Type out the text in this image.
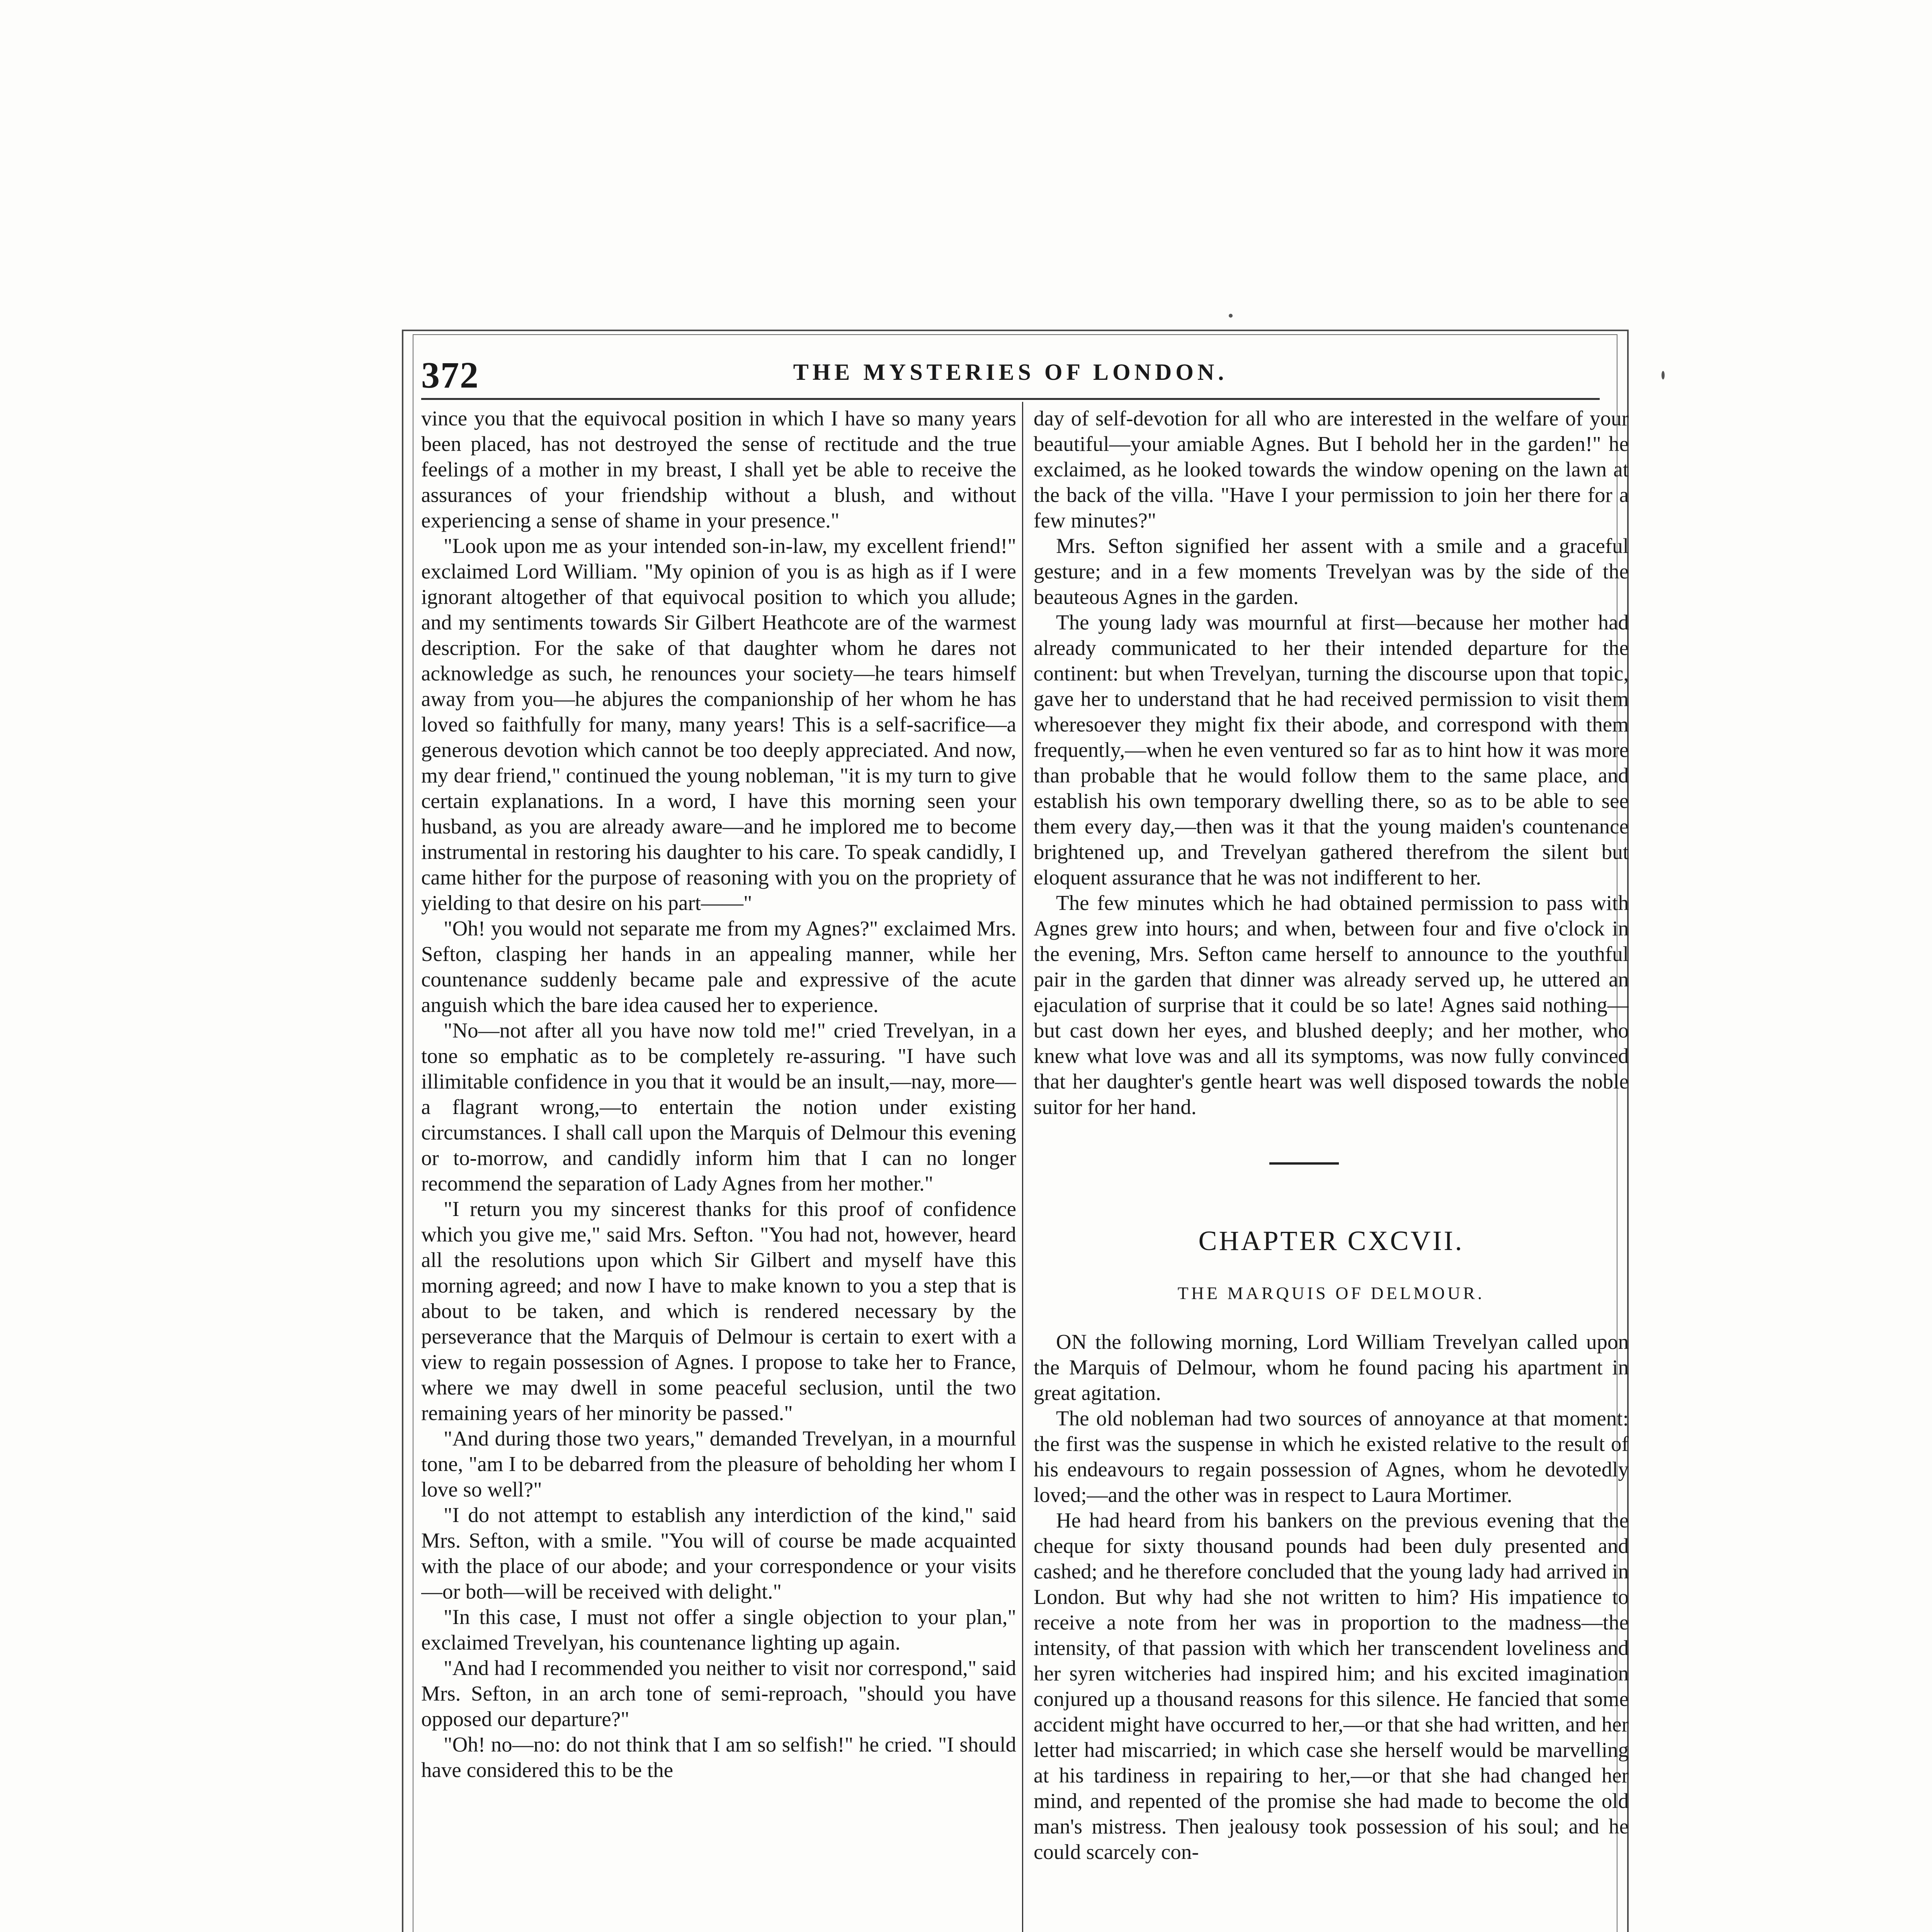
372	THE MYSTERIES OF LONDON.

vince you that the equivocal position in which I have so many years been placed, has not destroyed the sense of rectitude and the true feelings of a mother in my breast, I shall yet be able to receive the assurances of your friendship without a blush, and without experiencing a sense of shame in your presence."

"Look upon me as your intended son-in-law, my excellent friend!" exclaimed Lord William. "My opinion of you is as high as if I were ignorant altogether of that equivocal position to which you allude; and my sentiments towards Sir Gilbert Heathcote are of the warmest description. For the sake of that daughter whom he dares not acknowledge as such, he renounces your society—he tears himself away from you—he abjures the companionship of her whom he has loved so faithfully for many, many years! This is a self-sacrifice—a generous devotion which cannot be too deeply appreciated. And now, my dear friend," continued the young nobleman, "it is my turn to give certain explanations. In a word, I have this morning seen your husband, as you are already aware—and he implored me to become instrumental in restoring his daughter to his care. To speak candidly, I came hither for the purpose of reasoning with you on the propriety of yielding to that desire on his part——"

"Oh! you would not separate me from my Agnes?" exclaimed Mrs. Sefton, clasping her hands in an appealing manner, while her countenance suddenly became pale and expressive of the acute anguish which the bare idea caused her to experience.

"No—not after all you have now told me!" cried Trevelyan, in a tone so emphatic as to be completely re-assuring. "I have such illimitable confidence in you that it would be an insult,—nay, more—a flagrant wrong,—to entertain the notion under existing circumstances. I shall call upon the Marquis of Delmour this evening or to-morrow, and candidly inform him that I can no longer recommend the separation of Lady Agnes from her mother."

"I return you my sincerest thanks for this proof of confidence which you give me," said Mrs. Sefton. "You had not, however, heard all the resolutions upon which Sir Gilbert and myself have this morning agreed; and now I have to make known to you a step that is about to be taken, and which is rendered necessary by the perseverance that the Marquis of Delmour is certain to exert with a view to regain possession of Agnes. I propose to take her to France, where we may dwell in some peaceful seclusion, until the two remaining years of her minority be passed."

"And during those two years," demanded Trevelyan, in a mournful tone, "am I to be debarred from the pleasure of beholding her whom I love so well?"

"I do not attempt to establish any interdiction of the kind," said Mrs. Sefton, with a smile. "You will of course be made acquainted with the place of our abode; and your correspondence or your visits —or both—will be received with delight."

"In this case, I must not offer a single objection to your plan," exclaimed Trevelyan, his countenance lighting up again.

"And had I recommended you neither to visit nor correspond," said Mrs. Sefton, in an arch tone of semi-reproach, "should you have opposed our departure?"

"Oh! no—no: do not think that I am so selfish!" he cried. "I should have considered this to be the

day of self-devotion for all who are interested in the welfare of your beautiful—your amiable Agnes. But I behold her in the garden!" he exclaimed, as he looked towards the window opening on the lawn at the back of the villa. "Have I your permission to join her there for a few minutes?"

Mrs. Sefton signified her assent with a smile and a graceful gesture; and in a few moments Trevelyan was by the side of the beauteous Agnes in the garden.

The young lady was mournful at first—because her mother had already communicated to her their intended departure for the continent: but when Trevelyan, turning the discourse upon that topic, gave her to understand that he had received permission to visit them wheresoever they might fix their abode, and correspond with them frequently,—when he even ventured so far as to hint how it was more than probable that he would follow them to the same place, and establish his own temporary dwelling there, so as to be able to see them every day,—then was it that the young maiden's countenance brightened up, and Trevelyan gathered therefrom the silent but eloquent assurance that he was not indifferent to her.

The few minutes which he had obtained permission to pass with Agnes grew into hours; and when, between four and five o'clock in the evening, Mrs. Sefton came herself to announce to the youthful pair in the garden that dinner was already served up, he uttered an ejaculation of surprise that it could be so late! Agnes said nothing—but cast down her eyes, and blushed deeply; and her mother, who knew what love was and all its symptoms, was now fully convinced that her daughter's gentle heart was well disposed towards the noble suitor for her hand.

CHAPTER CXCVII.
THE MARQUIS OF DELMOUR.

ON the following morning, Lord William Trevelyan called upon the Marquis of Delmour, whom he found pacing his apartment in great agitation.

The old nobleman had two sources of annoyance at that moment: the first was the suspense in which he existed relative to the result of his endeavours to regain possession of Agnes, whom he devotedly loved;—and the other was in respect to Laura Mortimer.

He had heard from his bankers on the previous evening that the cheque for sixty thousand pounds had been duly presented and cashed; and he therefore concluded that the young lady had arrived in London. But why had she not written to him? His impatience to receive a note from her was in proportion to the madness—the intensity, of that passion with which her transcendent loveliness and her syren witcheries had inspired him; and his excited imagination conjured up a thousand reasons for this silence. He fancied that some accident might have occurred to her,—or that she had written, and her letter had miscarried; in which case she herself would be marvelling at his tardiness in repairing to her,—or that she had changed her mind, and repented of the promise she had made to become the old man's mistress. Then jealousy took possession of his soul; and he could scarcely con-
